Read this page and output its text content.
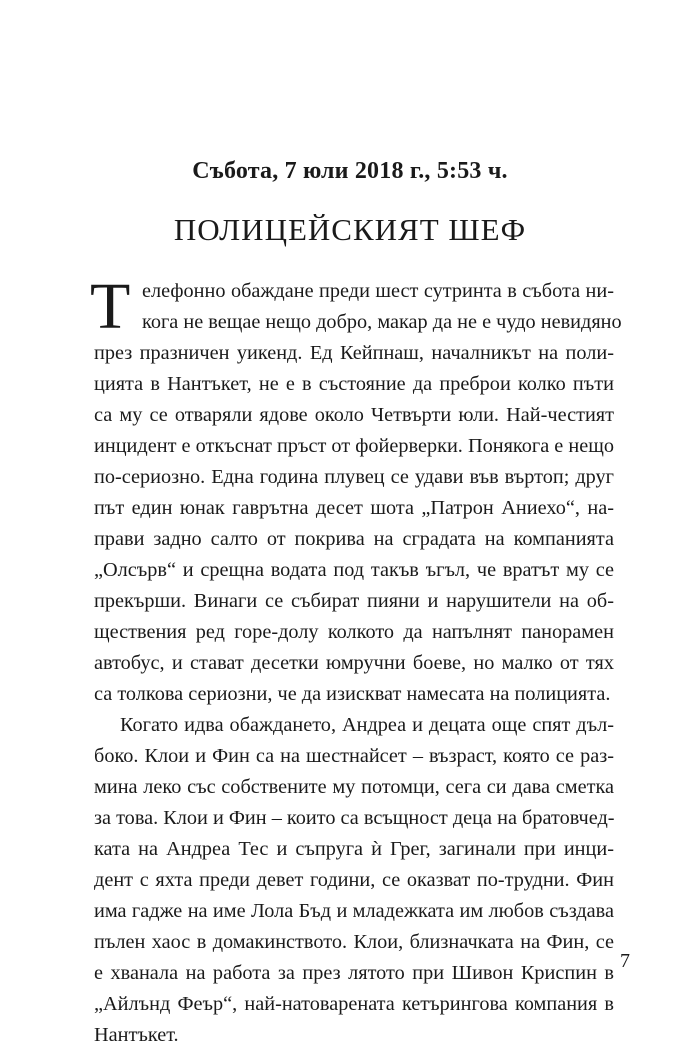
Събота, 7 юли 2018 г., 5:53 ч.
ПОЛИЦЕЙСКИЯТ ШЕФ
Т елефонно обаждане преди шест сутринта в събота ни-
кога не вещае нещо добро, макар да не е чудо невидяно
през празничен уикенд. Ед Кейпнаш, началникът на поли-
цията в Нантъкет, не е в състояние да преброи колко пъти
са му се отваряли ядове около Четвърти юли. Най-честият
инцидент е откъснат пръст от фойерверки. Понякога е нещо
по-сериозно. Една година плувец се удави във въртоп; друг
път един юнак гаврътна десет шота „Патрон Аниехо“, на-
прави задно салто от покрива на сградата на компанията
„Олсърв“ и срещна водата под такъв ъгъл, че вратът му се
прекърши. Винаги се събират пияни и нарушители на об-
ществения ред горе-долу колкото да напълнят панорамен
автобус, и стават десетки юмручни боеве, но малко от тях
са толкова сериозни, че да изискват намесата на полицията.
Когато идва обаждането, Андреа и децата още спят дъл-
боко. Клои и Фин са на шестнайсет – възраст, която се раз-
мина леко със собствените му потомци, сега си дава сметка
за това. Клои и Фин – които са всъщност деца на братовчед-
ката на Андреа Тес и съпруга ѝ Грег, загинали при инци-
дент с яхта преди девет години, се оказват по-трудни. Фин
има гадже на име Лола Бъд и младежката им любов създава
пълен хаос в домакинството. Клои, близначката на Фин, се
е хванала на работа за през лятото при Шивон Криспин в
„Айлънд Феър“, най-натоварената кетърингова компания в
Нантъкет.
7
